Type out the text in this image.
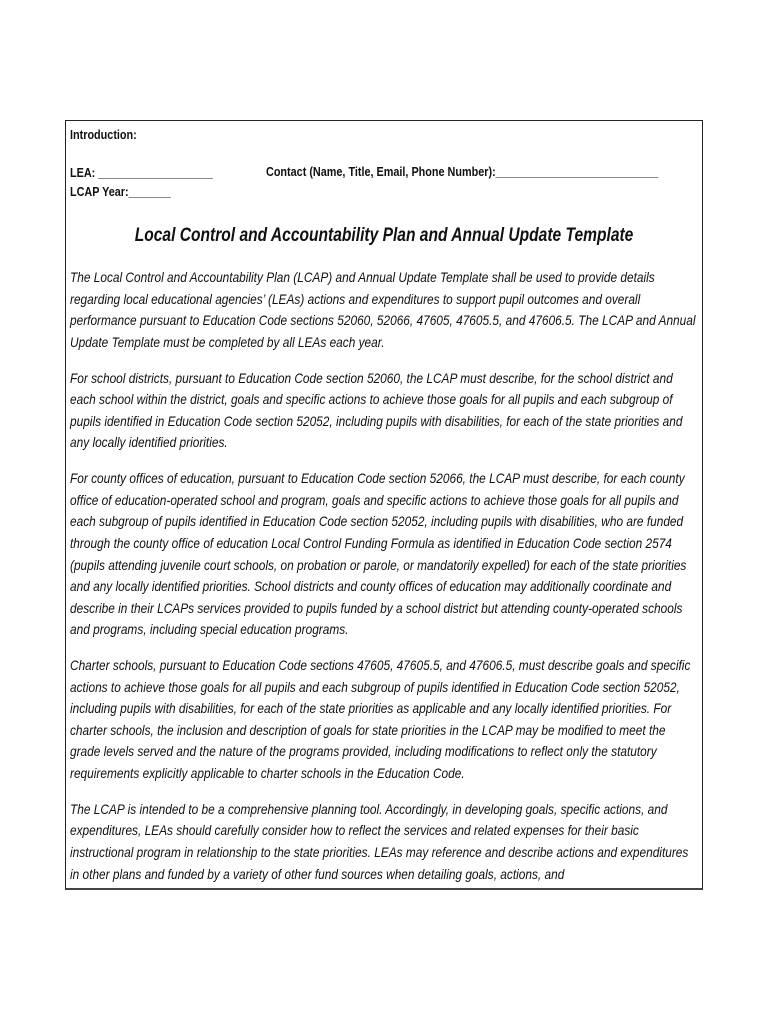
Introduction:
LEA: ___________________	Contact (Name, Title, Email, Phone Number):___________________________
LCAP Year:_______
Local Control and Accountability Plan and Annual Update Template

The Local Control and Accountability Plan (LCAP) and Annual Update Template shall be used to provide details regarding local educational agencies’ (LEAs) actions and expenditures to support pupil outcomes and overall performance pursuant to Education Code sections 52060, 52066, 47605, 47605.5, and 47606.5. The LCAP and Annual Update Template must be completed by all LEAs each year.

For school districts, pursuant to Education Code section 52060, the LCAP must describe, for the school district and each school within the district, goals and specific actions to achieve those goals for all pupils and each subgroup of pupils identified in Education Code section 52052, including pupils with disabilities, for each of the state priorities and any locally identified priorities.

For county offices of education, pursuant to Education Code section 52066, the LCAP must describe, for each county office of education-operated school and program, goals and specific actions to achieve those goals for all pupils and each subgroup of pupils identified in Education Code section 52052, including pupils with disabilities, who are funded through the county office of education Local Control Funding Formula as identified in Education Code section 2574 (pupils attending juvenile court schools, on probation or parole, or mandatorily expelled) for each of the state priorities and any locally identified priorities. School districts and county offices of education may additionally coordinate and describe in their LCAPs services provided to pupils funded by a school district but attending county-operated schools and programs, including special education programs.

Charter schools, pursuant to Education Code sections 47605, 47605.5, and 47606.5, must describe goals and specific actions to achieve those goals for all pupils and each subgroup of pupils identified in Education Code section 52052, including pupils with disabilities, for each of the state priorities as applicable and any locally identified priorities. For charter schools, the inclusion and description of goals for state priorities in the LCAP may be modified to meet the grade levels served and the nature of the programs provided, including modifications to reflect only the statutory requirements explicitly applicable to charter schools in the Education Code.

The LCAP is intended to be a comprehensive planning tool. Accordingly, in developing goals, specific actions, and expenditures, LEAs should carefully consider how to reflect the services and related expenses for their basic instructional program in relationship to the state priorities. LEAs may reference and describe actions and expenditures in other plans and funded by a variety of other fund sources when detailing goals, actions, and
